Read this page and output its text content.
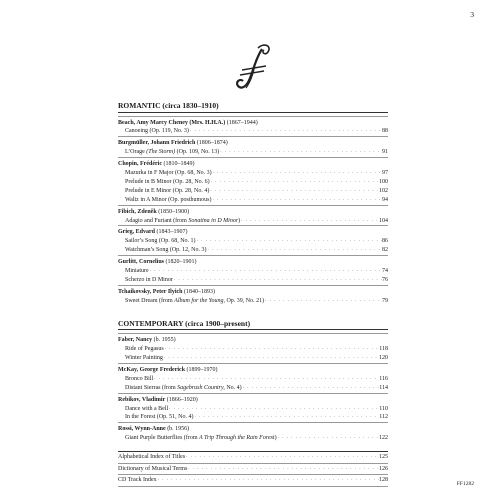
3
ROMANTIC (circa 1830–1910)
Beach, Amy Marcy Cheney (Mrs. H.H.A.) (1867–1944)
Canoeing (Op. 119, No. 3) . . .	88
Burgmüller, Johann Friedrich (1806–1874)
L’Orage (The Storm) (Op. 109, No. 13) . . .	91
Chopin, Frédéric (1810–1849)
Mazurka in F Major (Op. 68, No. 3) . . .	97
Prelude in B Minor (Op. 28, No. 6) . . .	100
Prelude in E Minor (Op. 28, No. 4) . . .	102
Waltz in A Minor (Op. posthumous) . . .	94
Fibich, Zdeněk (1850–1900)
Adagio and Furiant (from Sonatina in D Minor) . . .	104
Grieg, Edvard (1843–1907)
Sailor’s Song (Op. 68, No. 1) . . .	86
Watchman’s Song (Op. 12, No. 3) . . .	82
Gurlitt, Cornelius (1820–1901)
Miniature . . .	74
Scherzo in D Minor . . .	76
Tchaikovsky, Peter Ilyich (1840–1893)
Sweet Dream (from Album for the Young, Op. 39, No. 21) . . .	79
CONTEMPORARY (circa 1900–present)
Faber, Nancy (b. 1955)
Ride of Pegasus . . .	118
Winter Painting . . .	120
McKay, George Frederick (1899–1970)
Bronco Bill . . .	116
Distant Sierras (from Sagebrush Country, No. 4) . . .	114
Rebikov, Vladimir (1866–1920)
Dance with a Bell . . .	110
In the Forest (Op. 51, No. 4) . . .	112
Rossi, Wynn-Anne (b. 1956)
Giant Purple Butterflies (from A Trip Through the Rain Forest) . . .	122
Alphabetical Index of Titles . . .	125
Dictionary of Musical Terms . . .	126
CD Track Index . . .	128
FF1282
